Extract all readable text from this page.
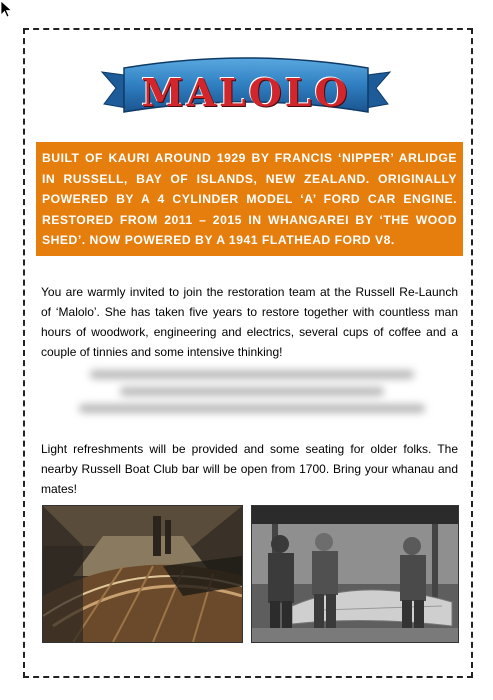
MALOLO
BUILT OF KAURI AROUND 1929 BY FRANCIS ‘NIPPER’ ARLIDGE IN RUSSELL, BAY OF ISLANDS, NEW ZEALAND. ORIGINALLY POWERED BY A 4 CYLINDER MODEL ‘A’ FORD CAR ENGINE. RESTORED FROM 2011 – 2015 IN WHANGAREI BY ‘THE WOOD SHED’. NOW POWERED BY A 1941 FLATHEAD FORD V8.
You are warmly invited to join the restoration team at the Russell Re-Launch of ‘Malolo’. She has taken five years to restore together with countless man hours of woodwork, engineering and electrics, several cups of coffee and a couple of tinnies and some intensive thinking!
Light refreshments will be provided and some seating for older folks. The nearby Russell Boat Club bar will be open from 1700. Bring your whanau and mates!
